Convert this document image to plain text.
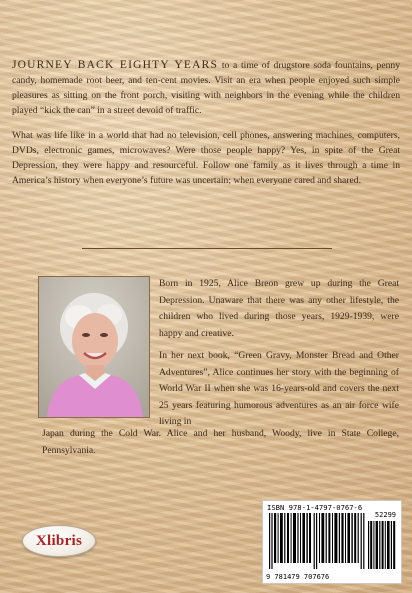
JOURNEY BACK EIGHTY YEARS to a time of drugstore soda fountains, penny candy, homemade root beer, and ten-cent movies. Visit an era when people enjoyed such simple pleasures as sitting on the front porch, visiting with neighbors in the evening while the children played “kick the can” in a street devoid of traffic.

What was life like in a world that had no television, cell phones, answering machines, computers, DVDs, electronic games, microwaves? Were those people happy? Yes, in spite of the Great Depression, they were happy and resourceful. Follow one family as it lives through a time in America’s history when everyone’s future was uncertain; when everyone cared and shared.

Born in 1925, Alice Breon grew up during the Great Depression. Unaware that there was any other lifestyle, the children who lived during those years, 1929-1939, were happy and creative.

In her next book, “Green Gravy, Monster Bread and Other Adventures”, Alice continues her story with the beginning of World War II when she was 16-years-old and covers the next 25 years featuring humorous adventures as an air force wife living in

Japan during the Cold War. Alice and her husband, Woody, live in State College, Pennsylvania.
Xlibris
ISBN 978-1-4797-0767-6
52299
9 781479 707676
